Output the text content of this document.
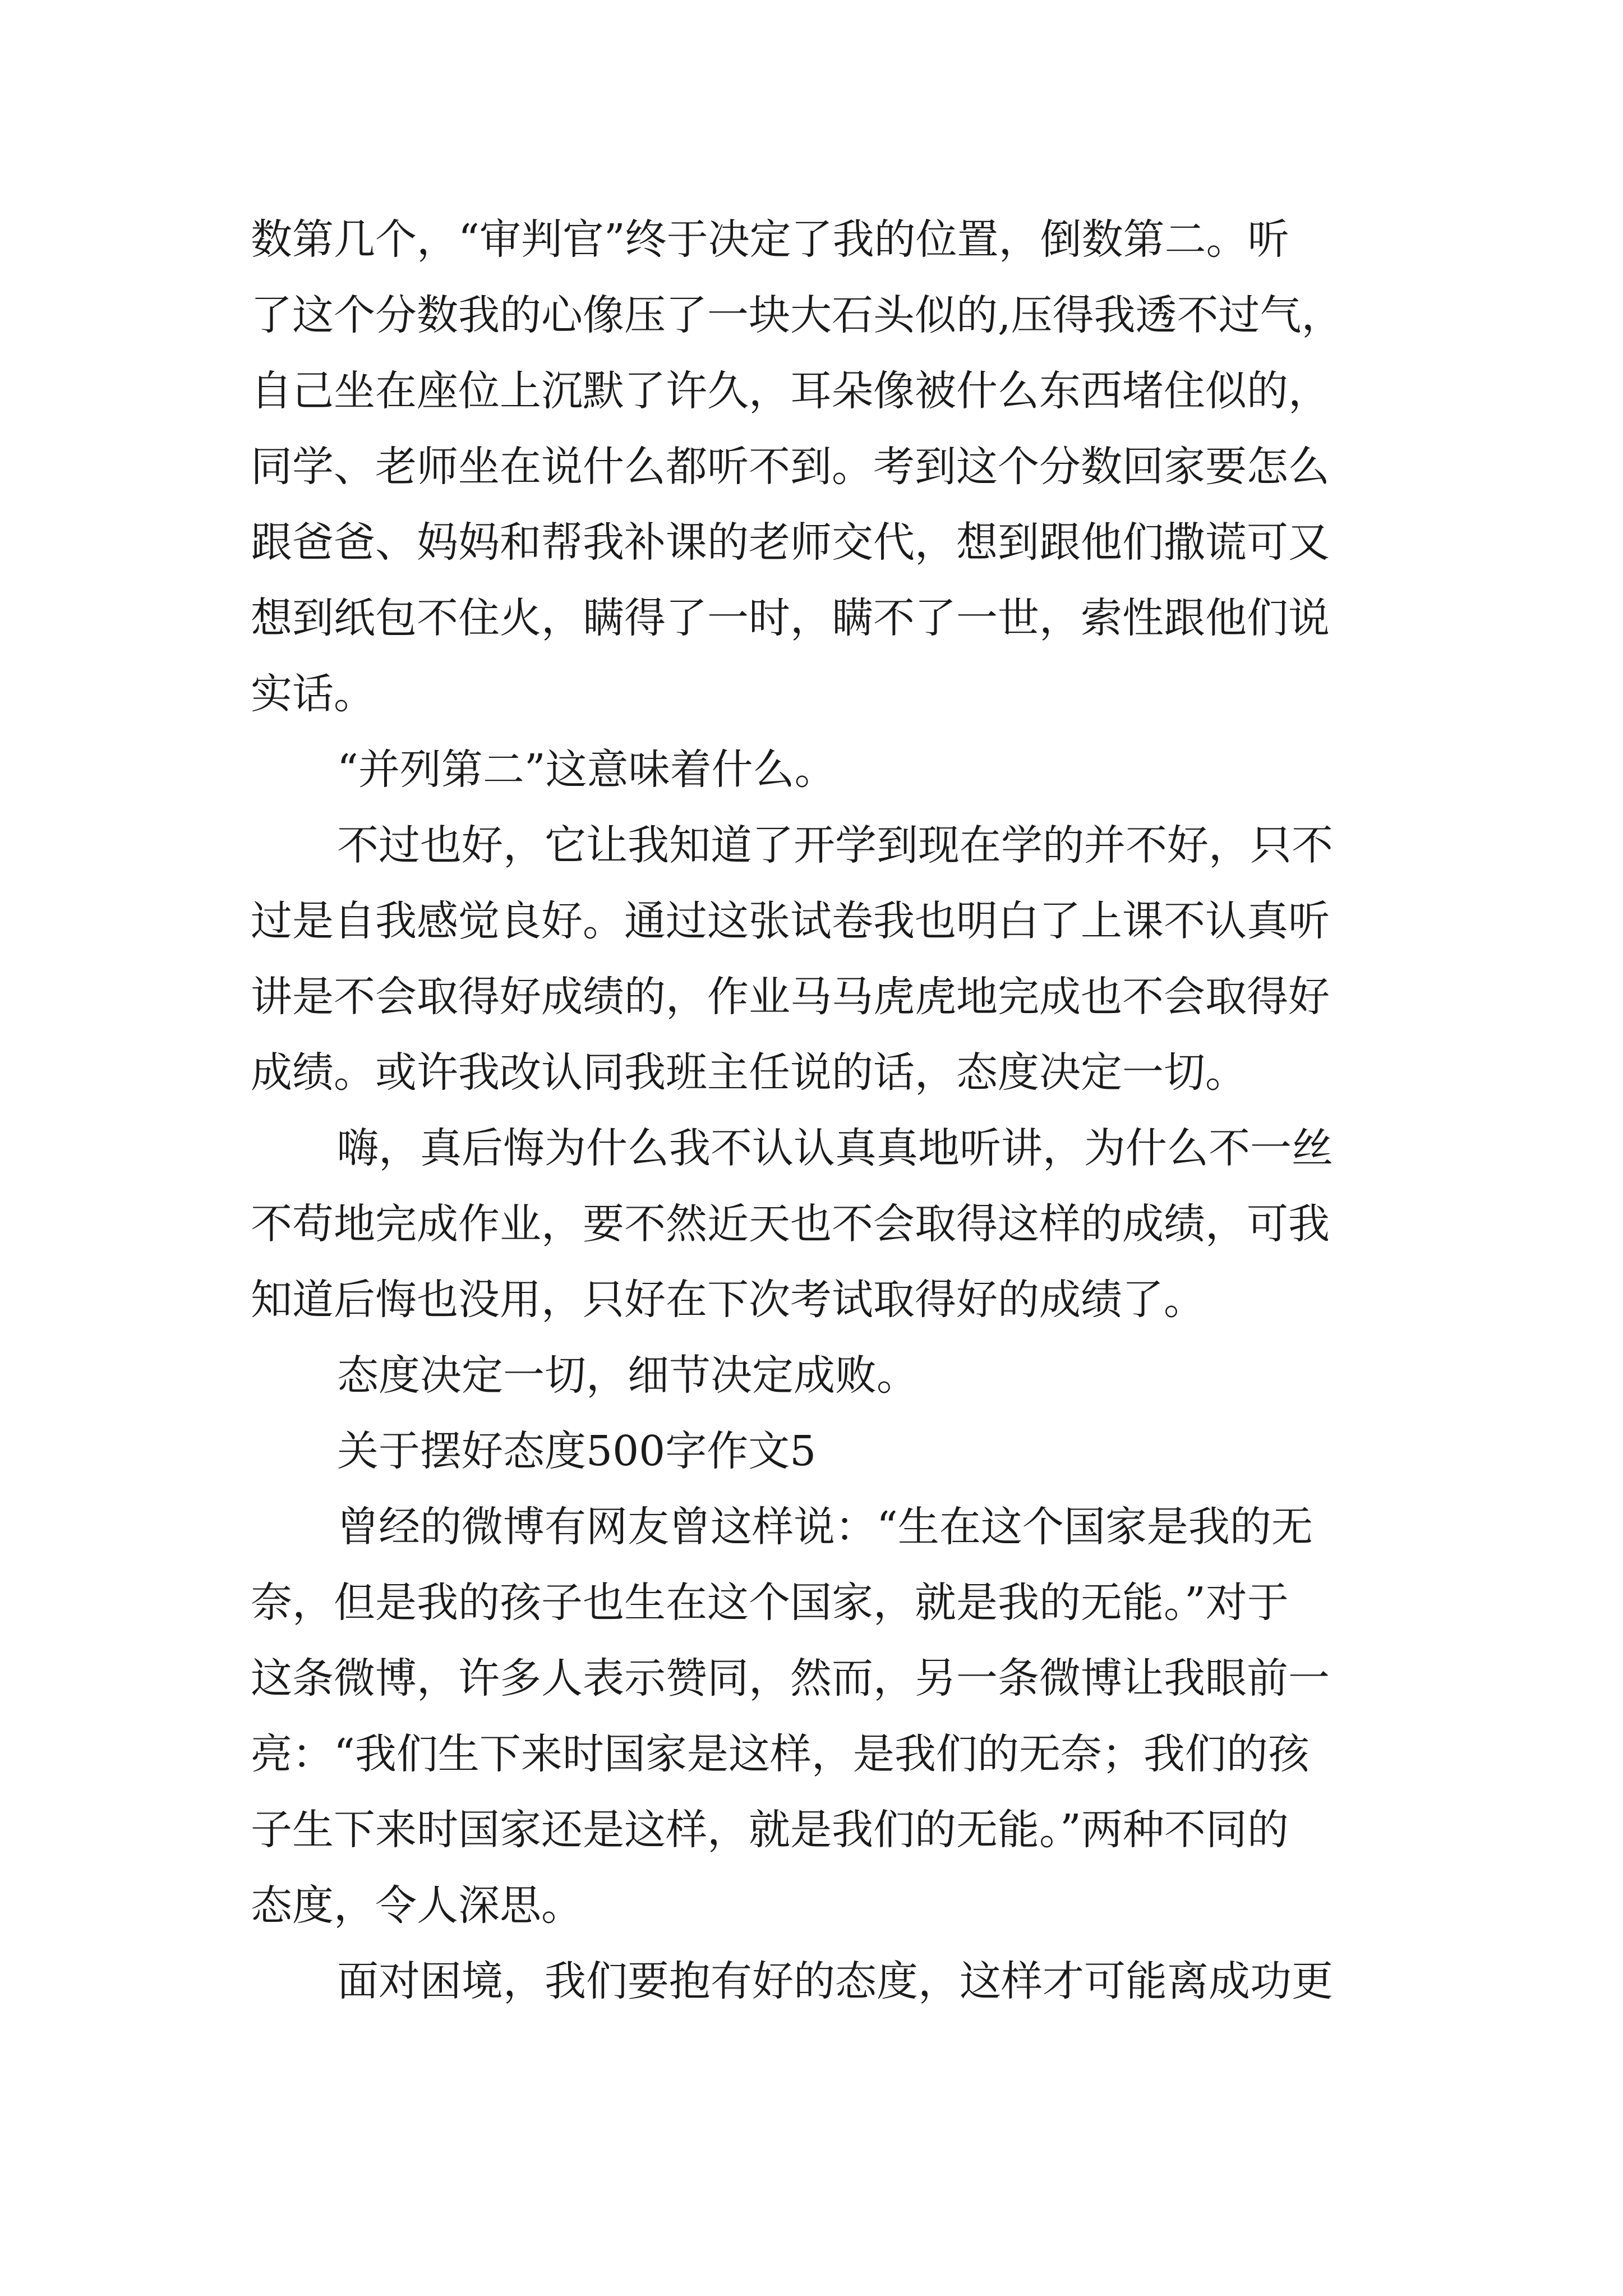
数第几个，“审判官”终于决定了我的位置，倒数第二。听
了这个分数我的心像压了一块大石头似的,压得我透不过气，
自己坐在座位上沉默了许久，耳朵像被什么东西堵住似的，
同学、老师坐在说什么都听不到。考到这个分数回家要怎么
跟爸爸、妈妈和帮我补课的老师交代，想到跟他们撒谎可又
想到纸包不住火，瞒得了一时，瞒不了一世，索性跟他们说
实话。
“并列第二”这意味着什么。
不过也好，它让我知道了开学到现在学的并不好，只不
过是自我感觉良好。通过这张试卷我也明白了上课不认真听
讲是不会取得好成绩的，作业马马虎虎地完成也不会取得好
成绩。或许我改认同我班主任说的话，态度决定一切。
嗨，真后悔为什么我不认认真真地听讲，为什么不一丝
不苟地完成作业，要不然近天也不会取得这样的成绩，可我
知道后悔也没用，只好在下次考试取得好的成绩了。
态度决定一切，细节决定成败。
关于摆好态度500字作文5
曾经的微博有网友曾这样说：“生在这个国家是我的无
奈，但是我的孩子也生在这个国家，就是我的无能。”对于
这条微博，许多人表示赞同，然而，另一条微博让我眼前一
亮：“我们生下来时国家是这样，是我们的无奈；我们的孩
子生下来时国家还是这样，就是我们的无能。”两种不同的
态度，令人深思。
面对困境，我们要抱有好的态度，这样才可能离成功更
